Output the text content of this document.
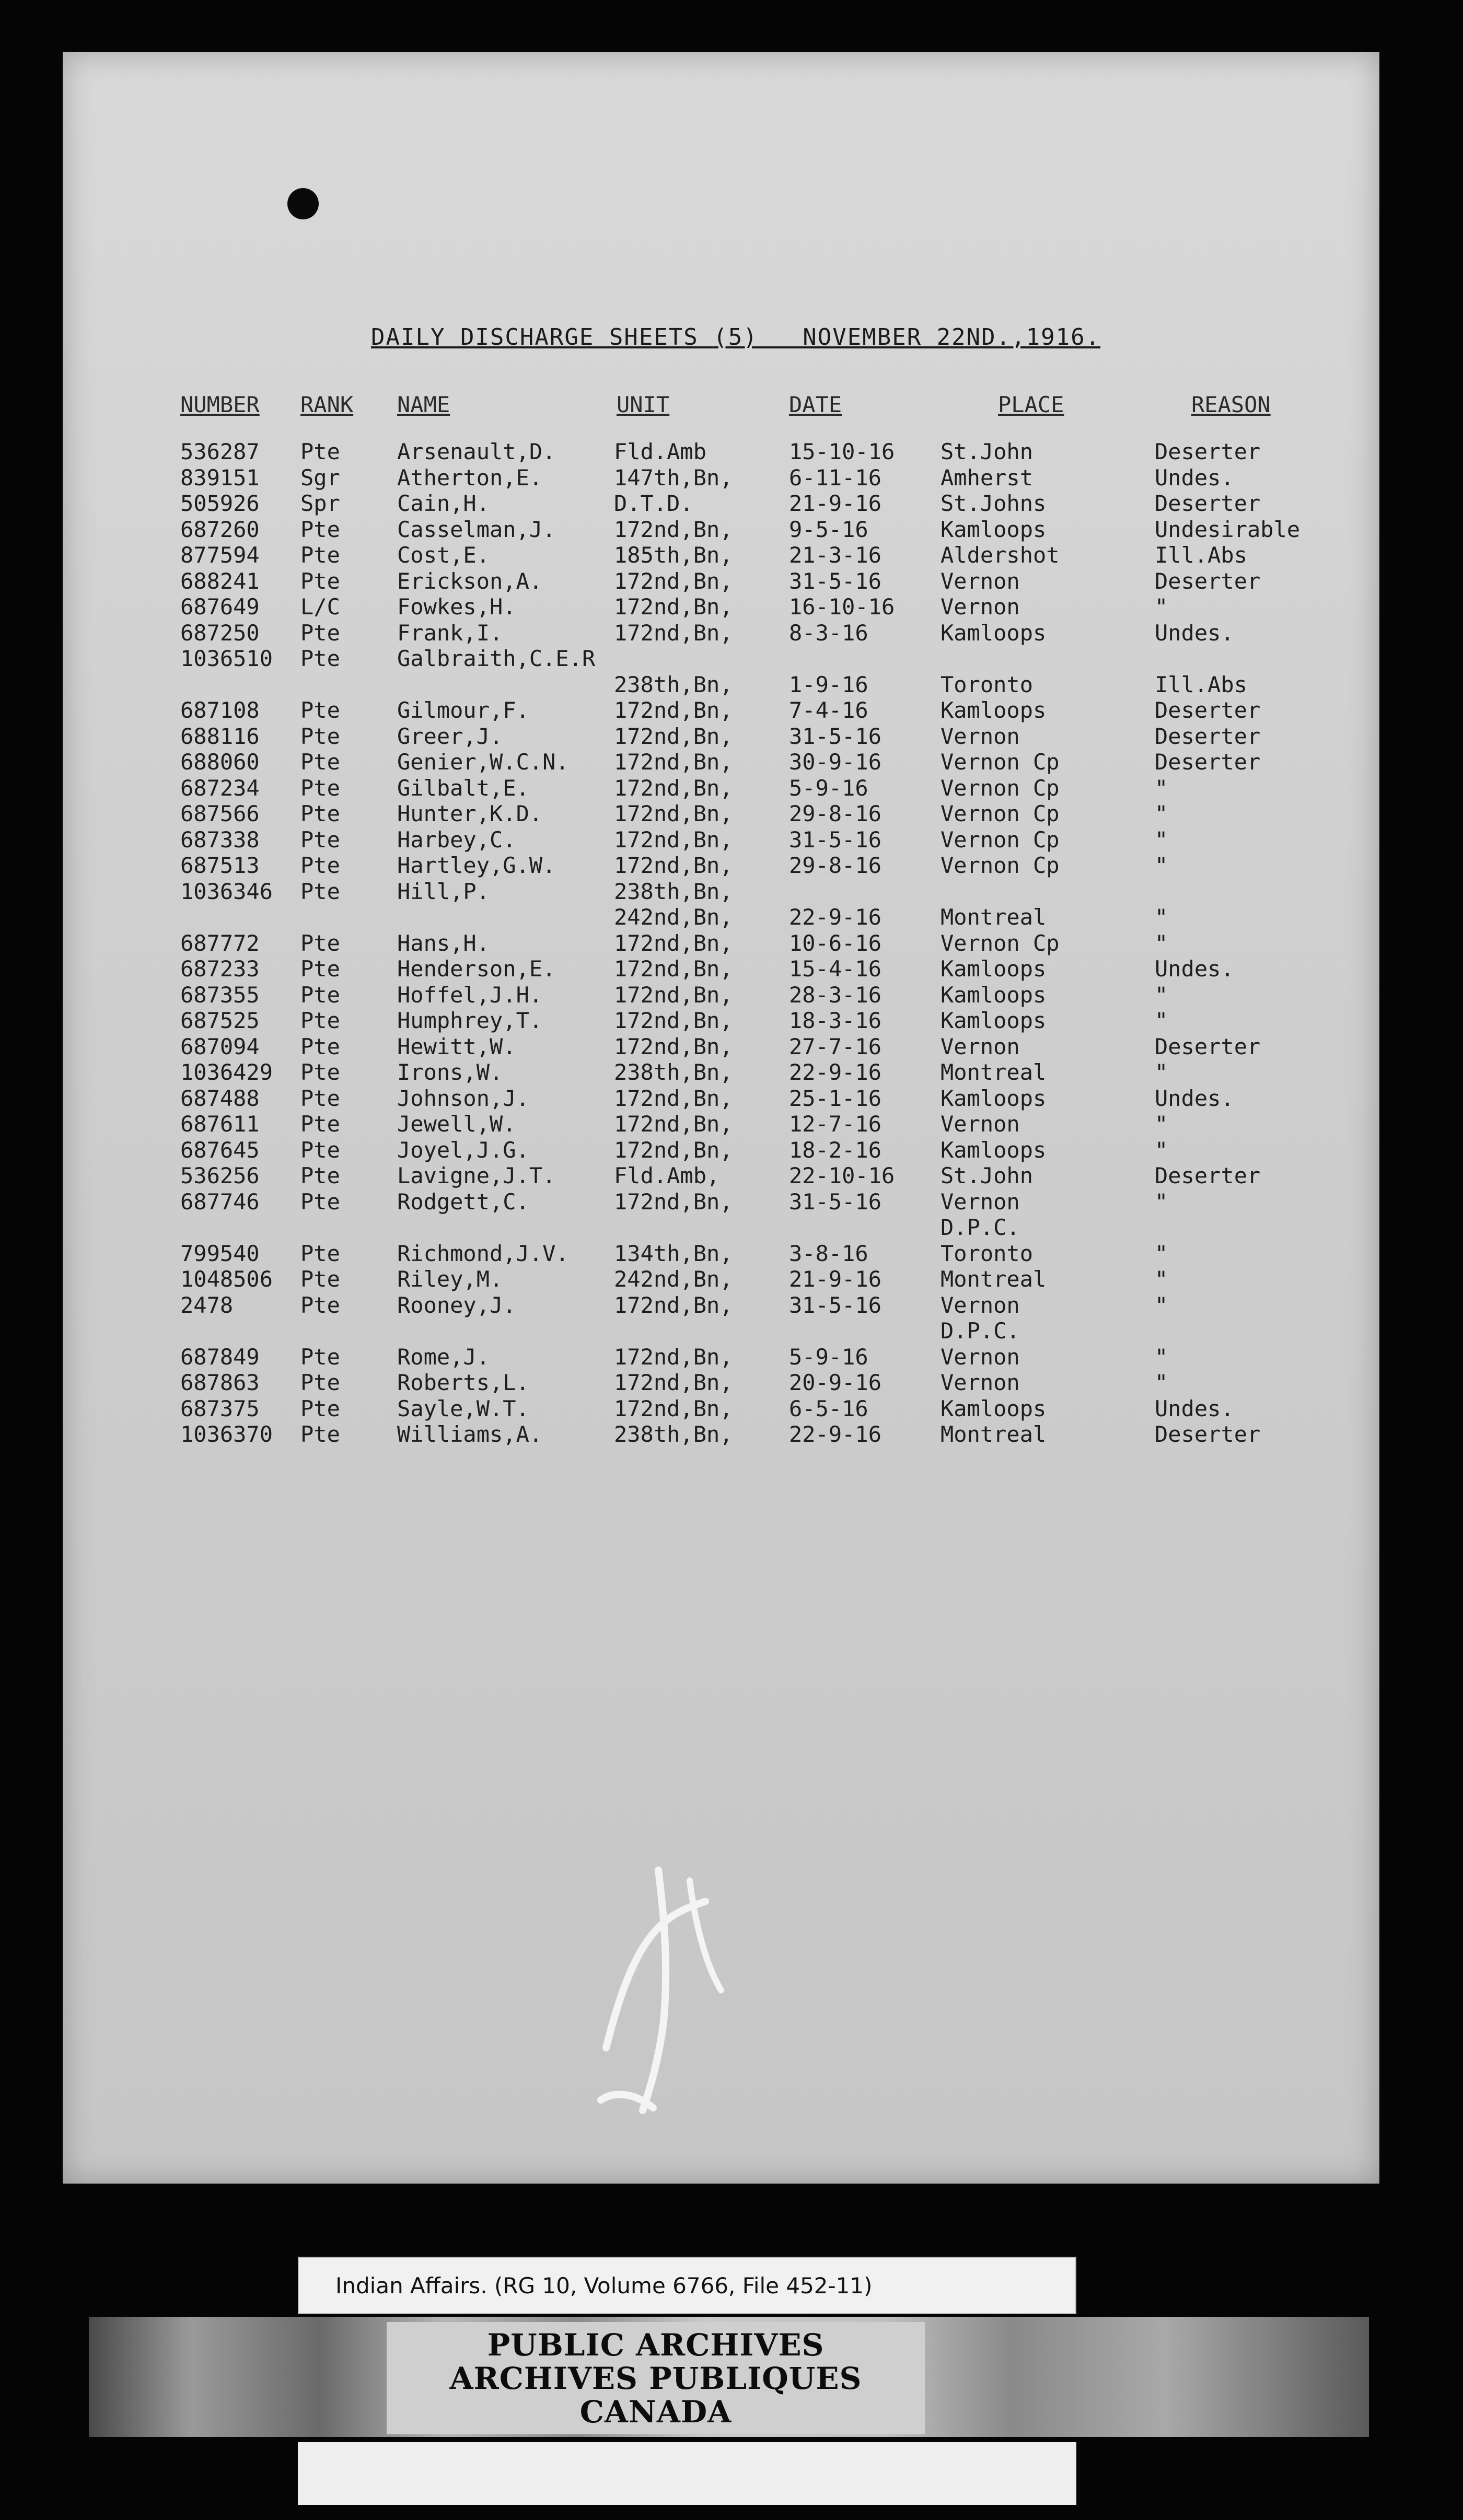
DAILY DISCHARGE SHEETS (5) NOVEMBER 22ND.,1916.
NUMBER RANK NAME	UNIT	DATE	PLACE	REASON
536287 Pte	Arsenault,D.	Fld.Amb	15-10-16 St.John	Deserter
839151 Sgr	Atherton,E.	147th,Bn,	6-11-16	Amherst	Undes.
505926 Spr	Cain,H.	D.T.D.	21-9-16	St.Johns	Deserter
687260 Pte	Casselman,J.	172nd,Bn,	9-5-16	Kamloops	Undesirable
877594 Pte	Cost,E.	185th,Bn,	21-3-16	Aldershot	Ill.Abs
688241 Pte	Erickson,A.	172nd,Bn,	31-5-16	Vernon	Deserter
687649 L/C	Fowkes,H.	172nd,Bn,	16-10-16 Vernon	"
687250 Pte	Frank,I.	172nd,Bn,	8-3-16	Kamloops	Undes.
1036510 Pte	Galbraith,C.E.R
238th,Bn,	1-9-16	Toronto	Ill.Abs
687108 Pte	Gilmour,F.	172nd,Bn,	7-4-16	Kamloops	Deserter
688116 Pte	Greer,J.	172nd,Bn,	31-5-16	Vernon	Deserter
688060 Pte	Genier,W.C.N. 172nd,Bn,	30-9-16	Vernon Cp	Deserter
687234 Pte	Gilbalt,E.	172nd,Bn,	5-9-16	Vernon Cp	"
687566 Pte	Hunter,K.D.	172nd,Bn,	29-8-16	Vernon Cp	"
687338 Pte	Harbey,C.	172nd,Bn,	31-5-16	Vernon Cp	"
687513 Pte	Hartley,G.W.	172nd,Bn,	29-8-16	Vernon Cp	"
1036346 Pte	Hill,P.	238th,Bn,
242nd,Bn,	22-9-16	Montreal	"
687772 Pte	Hans,H.	172nd,Bn,	10-6-16	Vernon Cp	"
687233 Pte	Henderson,E.	172nd,Bn,	15-4-16	Kamloops	Undes.
687355 Pte	Hoffel,J.H.	172nd,Bn,	28-3-16	Kamloops	"
687525 Pte	Humphrey,T.	172nd,Bn,	18-3-16	Kamloops	"
687094 Pte	Hewitt,W.	172nd,Bn,	27-7-16	Vernon	Deserter
1036429 Pte	Irons,W.	238th,Bn,	22-9-16	Montreal	"
687488 Pte	Johnson,J.	172nd,Bn,	25-1-16	Kamloops	Undes.
687611 Pte	Jewell,W.	172nd,Bn,	12-7-16	Vernon	"
687645 Pte	Joyel,J.G.	172nd,Bn,	18-2-16	Kamloops	"
536256 Pte	Lavigne,J.T.	Fld.Amb,	22-10-16 St.John	Deserter
687746 Pte	Rodgett,C.	172nd,Bn,	31-5-16	Vernon	"
D.P.C.
799540 Pte	Richmond,J.V. 134th,Bn,	3-8-16	Toronto	"
1048506 Pte	Riley,M.	242nd,Bn,	21-9-16	Montreal	"
2478	Pte	Rooney,J.	172nd,Bn,	31-5-16	Vernon	"
D.P.C.
687849 Pte	Rome,J.	172nd,Bn,	5-9-16	Vernon	"
687863 Pte	Roberts,L.	172nd,Bn,	20-9-16	Vernon	"
687375 Pte	Sayle,W.T.	172nd,Bn,	6-5-16	Kamloops	Undes.
1036370 Pte	Williams,A.	238th,Bn,	22-9-16	Montreal	Deserter
Indian Affairs. (RG 10, Volume 6766, File 452-11)
PUBLIC ARCHIVES
ARCHIVES PUBLIQUES
CANADA
